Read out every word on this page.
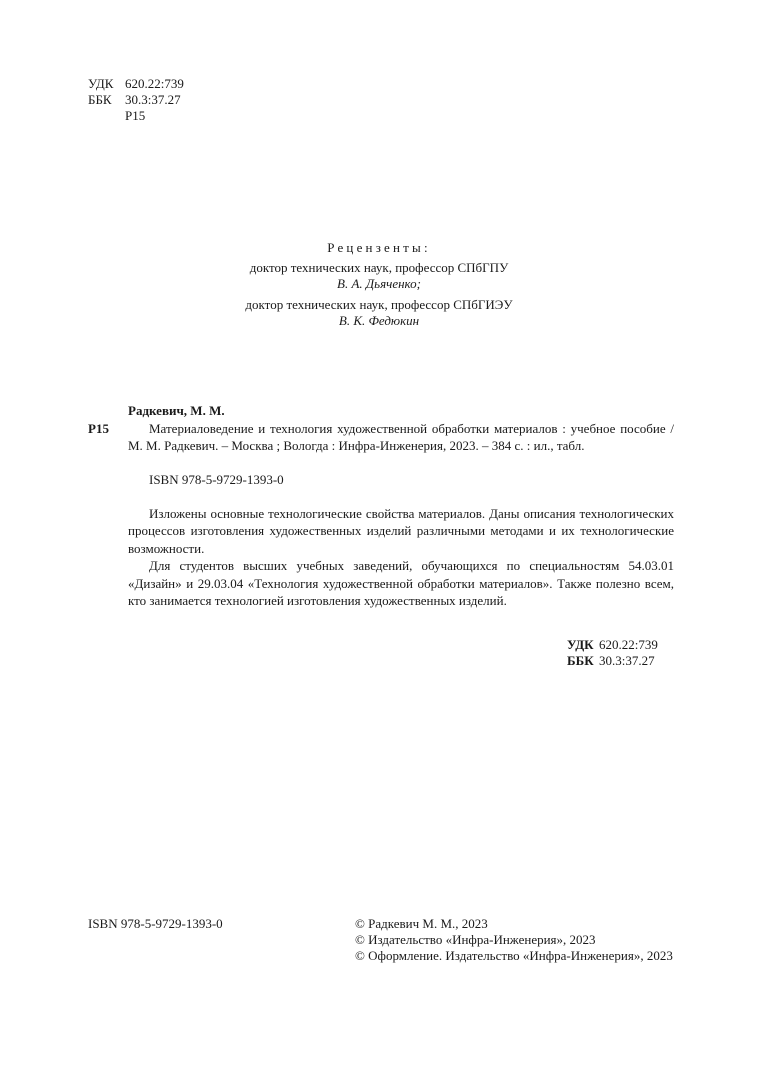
УДК 620.22:739
ББК 30.3:37.27
Р15
Рецензенты:
доктор технических наук, профессор СПбГПУ
В. А. Дьяченко;
доктор технических наук, профессор СПбГИЭУ
В. К. Федюкин
Радкевич, М. М.
Р15	Материаловедение и технология художественной обработки материалов : учебное пособие / М. М. Радкевич. – Москва ; Вологда : Инфра-Инженерия, 2023. – 384 с. : ил., табл.
ISBN 978-5-9729-1393-0

Изложены основные технологические свойства материалов. Даны описания технологических процессов изготовления художественных изделий различными методами и их технологические возможности.

Для студентов высших учебных заведений, обучающихся по специальностям 54.03.01 «Дизайн» и 29.03.04 «Технология художественной обработки материалов». Также полезно всем, кто занимается технологией изготовления художественных изделий.

УДК 620.22:739
ББК 30.3:37.27
ISBN 978-5-9729-1393-0	© Радкевич М. М., 2023
© Издательство «Инфра-Инженерия», 2023
© Оформление. Издательство «Инфра-Инженерия», 2023
